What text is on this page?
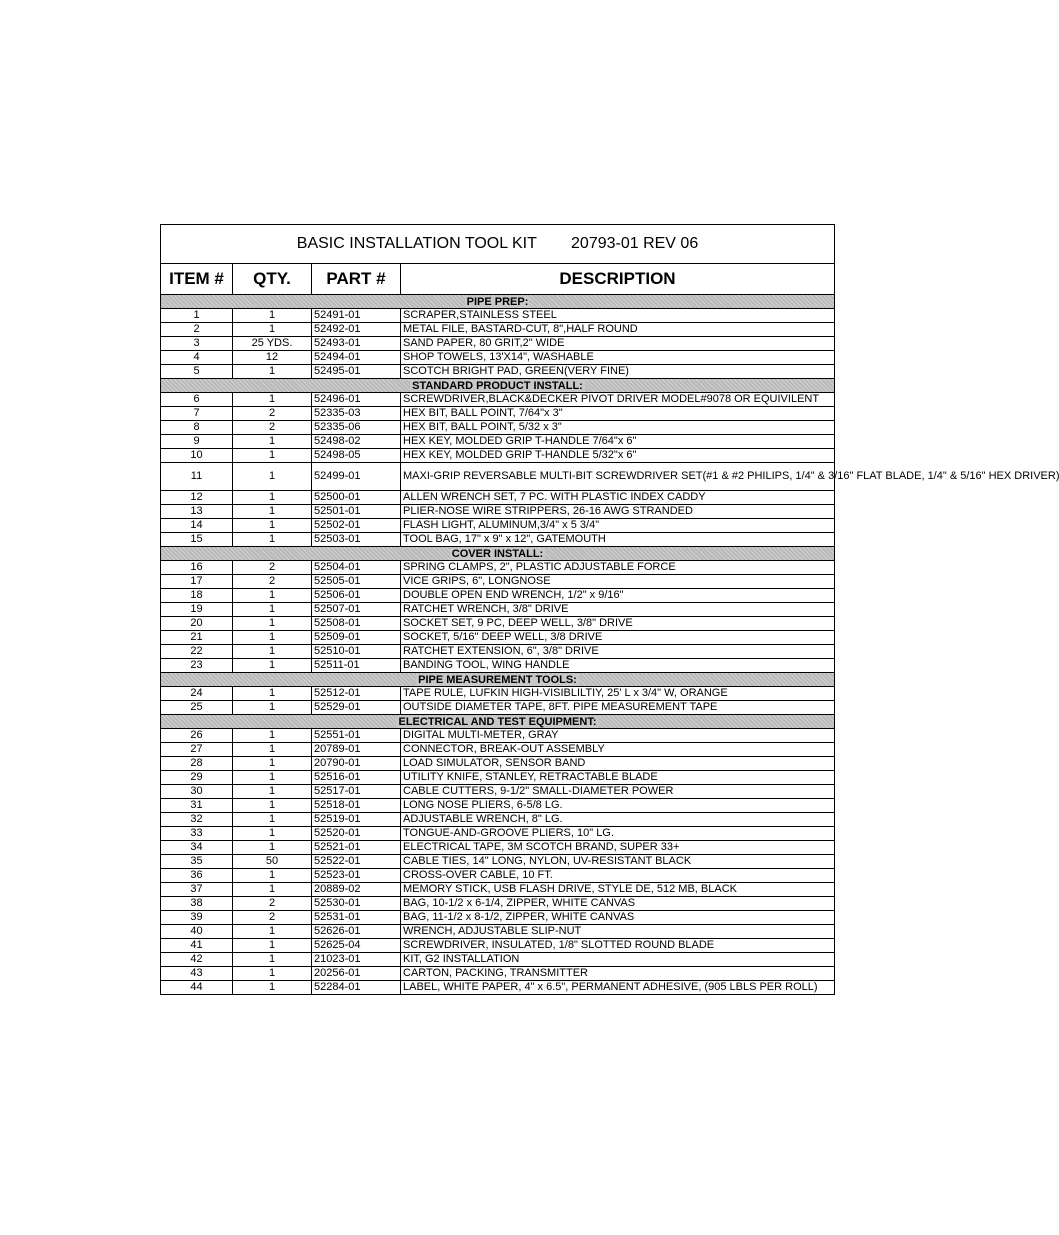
BASIC INSTALLATION TOOL KIT 20793-01 REV 06			
ITEM #	QTY.	PART #	DESCRIPTION
PIPE PREP:			
1	1	52491-01	SCRAPER,STAINLESS STEEL
2	1	52492-01	METAL FILE, BASTARD-CUT, 8",HALF ROUND
3	25 YDS.	52493-01	SAND PAPER, 80 GRIT,2" WIDE
4	12	52494-01	SHOP TOWELS, 13'X14", WASHABLE
5	1	52495-01	SCOTCH BRIGHT PAD, GREEN(VERY FINE)
STANDARD PRODUCT INSTALL:			
6	1	52496-01	SCREWDRIVER,BLACK&DECKER PIVOT DRIVER MODEL#9078 OR EQUIVILENT
7	2	52335-03	HEX BIT, BALL POINT, 7/64"x 3"
8	2	52335-06	HEX BIT, BALL POINT, 5/32 x 3"
9	1	52498-02	HEX KEY, MOLDED GRIP T-HANDLE 7/64"x 6"
10	1	52498-05	HEX KEY, MOLDED GRIP T-HANDLE 5/32"x 6"
11	1	52499-01	MAXI-GRIP REVERSABLE MULTI-BIT SCREWDRIVER SET(#1 & #2 PHILIPS, 1/4" & 3/16" FLAT BLADE, 1/4" & 5/16" HEX DRIVER)
12	1	52500-01	ALLEN WRENCH SET, 7 PC. WITH PLASTIC INDEX CADDY
13	1	52501-01	PLIER-NOSE WIRE STRIPPERS, 26-16 AWG STRANDED
14	1	52502-01	FLASH LIGHT, ALUMINUM,3/4" x 5 3/4"
15	1	52503-01	TOOL BAG, 17" x 9" x 12", GATEMOUTH
COVER INSTALL:			
16	2	52504-01	SPRING CLAMPS, 2", PLASTIC ADJUSTABLE FORCE
17	2	52505-01	VICE GRIPS, 6", LONGNOSE
18	1	52506-01	DOUBLE OPEN END WRENCH, 1/2" x 9/16"
19	1	52507-01	RATCHET WRENCH, 3/8" DRIVE
20	1	52508-01	SOCKET SET, 9 PC, DEEP WELL, 3/8" DRIVE
21	1	52509-01	SOCKET, 5/16" DEEP WELL, 3/8 DRIVE
22	1	52510-01	RATCHET EXTENSION, 6", 3/8" DRIVE
23	1	52511-01	BANDING TOOL, WING HANDLE
PIPE MEASUREMENT TOOLS:			
24	1	52512-01	TAPE RULE, LUFKIN HIGH-VISIBLILTIY, 25' L x 3/4" W, ORANGE
25	1	52529-01	OUTSIDE DIAMETER TAPE, 8FT. PIPE MEASUREMENT TAPE
ELECTRICAL AND TEST EQUIPMENT:			
26	1	52551-01	DIGITAL MULTI-METER, GRAY
27	1	20789-01	CONNECTOR, BREAK-OUT ASSEMBLY
28	1	20790-01	LOAD SIMULATOR, SENSOR BAND
29	1	52516-01	UTILITY KNIFE, STANLEY, RETRACTABLE BLADE
30	1	52517-01	CABLE CUTTERS, 9-1/2" SMALL-DIAMETER POWER
31	1	52518-01	LONG NOSE PLIERS, 6-5/8 LG.
32	1	52519-01	ADJUSTABLE WRENCH, 8" LG.
33	1	52520-01	TONGUE-AND-GROOVE PLIERS, 10" LG.
34	1	52521-01	ELECTRICAL TAPE, 3M SCOTCH BRAND, SUPER 33+
35	50	52522-01	CABLE TIES, 14" LONG, NYLON, UV-RESISTANT BLACK
36	1	52523-01	CROSS-OVER CABLE, 10 FT.
37	1	20889-02	MEMORY STICK, USB FLASH DRIVE, STYLE DE, 512 MB, BLACK
38	2	52530-01	BAG, 10-1/2 x 6-1/4, ZIPPER, WHITE CANVAS
39	2	52531-01	BAG, 11-1/2 x 8-1/2, ZIPPER, WHITE CANVAS
40	1	52626-01	WRENCH, ADJUSTABLE SLIP-NUT
41	1	52625-04	SCREWDRIVER, INSULATED, 1/8" SLOTTED ROUND BLADE
42	1	21023-01	KIT, G2 INSTALLATION
43	1	20256-01	CARTON, PACKING, TRANSMITTER
44	1	52284-01	LABEL, WHITE PAPER, 4" x 6.5", PERMANENT ADHESIVE, (905 LBLS PER ROLL)
